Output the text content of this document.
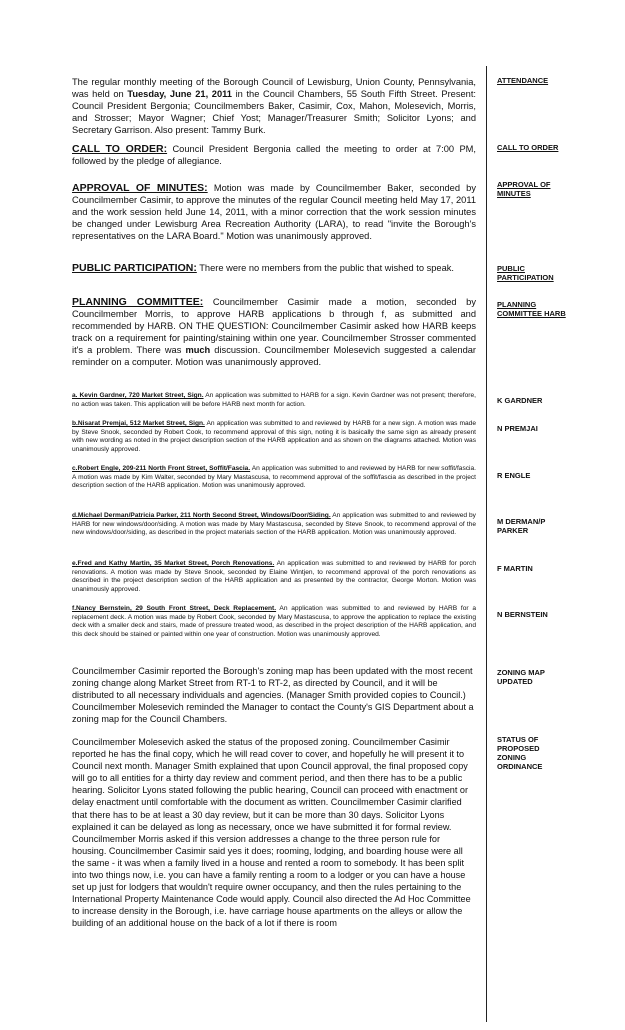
The regular monthly meeting of the Borough Council of Lewisburg, Union County, Pennsylvania, was held on Tuesday, June 21, 2011 in the Council Chambers, 55 South Fifth Street. Present: Council President Bergonia; Councilmembers Baker, Casimir, Cox, Mahon, Molesevich, Morris, and Strosser; Mayor Wagner; Chief Yost; Manager/Treasurer Smith; Solicitor Lyons; and Secretary Garrison. Also present: Tammy Burk.

ATTENDANCE

CALL TO ORDER: Council President Bergonia called the meeting to order at 7:00 PM, followed by the pledge of allegiance.

CALL TO ORDER

APPROVAL OF MINUTES: Motion was made by Councilmember Baker, seconded by Councilmember Casimir, to approve the minutes of the regular Council meeting held May 17, 2011 and the work session held June 14, 2011, with a minor correction that the work session minutes be changed under Lewisburg Area Recreation Authority (LARA), to read "invite the Borough's representatives on the LARA Board." Motion was unanimously approved.

APPROVAL OF MINUTES

PUBLIC PARTICIPATION: There were no members from the public that wished to speak.	PUBLIC PARTICIPATION

PLANNING COMMITTEE: Councilmember Casimir made a motion, seconded by Councilmember Morris, to approve HARB applications b through f, as submitted and recommended by HARB. ON THE QUESTION: Councilmember Casimir asked how HARB keeps track on a requirement for painting/staining within one year. Councilmember Strosser commented it's a problem. There was much discussion. Councilmember Molesevich suggested a calendar reminder on a computer. Motion was unanimously approved.

PLANNING COMMITTEE HARB

a. Kevin Gardner, 720 Market Street, Sign. An application was submitted to HARB for a sign. Kevin Gardner was not present; therefore, no action was taken. This application will be before HARB next month for action.	K GARDNER

b.Nisarat Premjai, 512 Market Street, Sign. An application was submitted to and reviewed by HARB for a new sign. A motion was made by Steve Snook, seconded by Robert Cook, to recommend approval of this sign, noting it is basically the same sign as already present with new wording as noted in the project description section of the HARB application and as shown on the diagrams attached. Motion was unanimously approved.

N PREMJAI

c.Robert Engle, 209-211 North Front Street, Soffit/Fascia. An application was submitted to and reviewed by HARB for new soffit/fascia. A motion was made by Kim Walter, seconded by Mary Mastascusa, to recommend approval of the soffit/fascia as described in the project description section of the HARB application. Motion was unanimously approved.

R ENGLE

d.Michael Derman/Patricia Parker, 211 North Second Street, Windows/Door/Siding. An application was submitted to and reviewed by HARB for new windows/door/siding. A motion was made by Mary Mastascusa, seconded by Steve Snook, to recommend approval of the new windows/door/siding, as described in the project materials section of the HARB application. Motion was unanimously approved.

M DERMAN/P PARKER

e.Fred and Kathy Martin, 35 Market Street, Porch Renovations. An application was submitted to and reviewed by HARB for porch renovations. A motion was made by Steve Snook, seconded by Elaine Wintjen, to recommend approval of the porch renovations as described in the project description section of the HARB application and as presented by the contractor, George Morton. Motion was unanimously approved.

F MARTIN

f.Nancy Bernstein, 29 South Front Street, Deck Replacement. An application was submitted to and reviewed by HARB for a replacement deck. A motion was made by Robert Cook, seconded by Mary Mastascusa, to approve the application to replace the existing deck with a smaller deck and stairs, made of pressure treated wood, as described in the project description of the HARB application, and this deck should be stained or painted within one year of construction. Motion was unanimously approved.

N BERNSTEIN

Councilmember Casimir reported the Borough's zoning map has been updated with the most recent zoning change along Market Street from RT-1 to RT-2, as directed by Council, and it will be distributed to all necessary individuals and agencies. (Manager Smith provided copies to Council.) Councilmember Molesevich reminded the Manager to contact the County's GIS Department about a zoning map for the Council Chambers.

ZONING MAP UPDATED

Councilmember Molesevich asked the status of the proposed zoning. Councilmember Casimir reported he has the final copy, which he will read cover to cover, and hopefully he will present it to Council next month. Manager Smith explained that upon Council approval, the final proposed copy will go to all entities for a thirty day review and comment period, and then there has to be a public hearing. Solicitor Lyons stated following the public hearing, Council can proceed with enactment or delay enactment until comfortable with the document as written. Councilmember Casimir clarified that there has to be at least a 30 day review, but it can be more than 30 days. Solicitor Lyons explained it can be delayed as long as necessary, once we have submitted it for formal review. Councilmember Morris asked if this version addresses a change to the three person rule for housing. Councilmember Casimir said yes it does; rooming, lodging, and boarding house were all the same - it was when a family lived in a house and rented a room to somebody. It has been split into two things now, i.e. you can have a family renting a room to a lodger or you can have a house set up just for lodgers that wouldn't require owner occupancy, and then the rules pertaining to the International Property Maintenance Code would apply. Council also directed the Ad Hoc Committee to increase density in the Borough, i.e. have carriage house apartments on the alleys or allow the building of an additional house on the back of a lot if there is room

STATUS OF PROPOSED ZONING ORDINANCE
